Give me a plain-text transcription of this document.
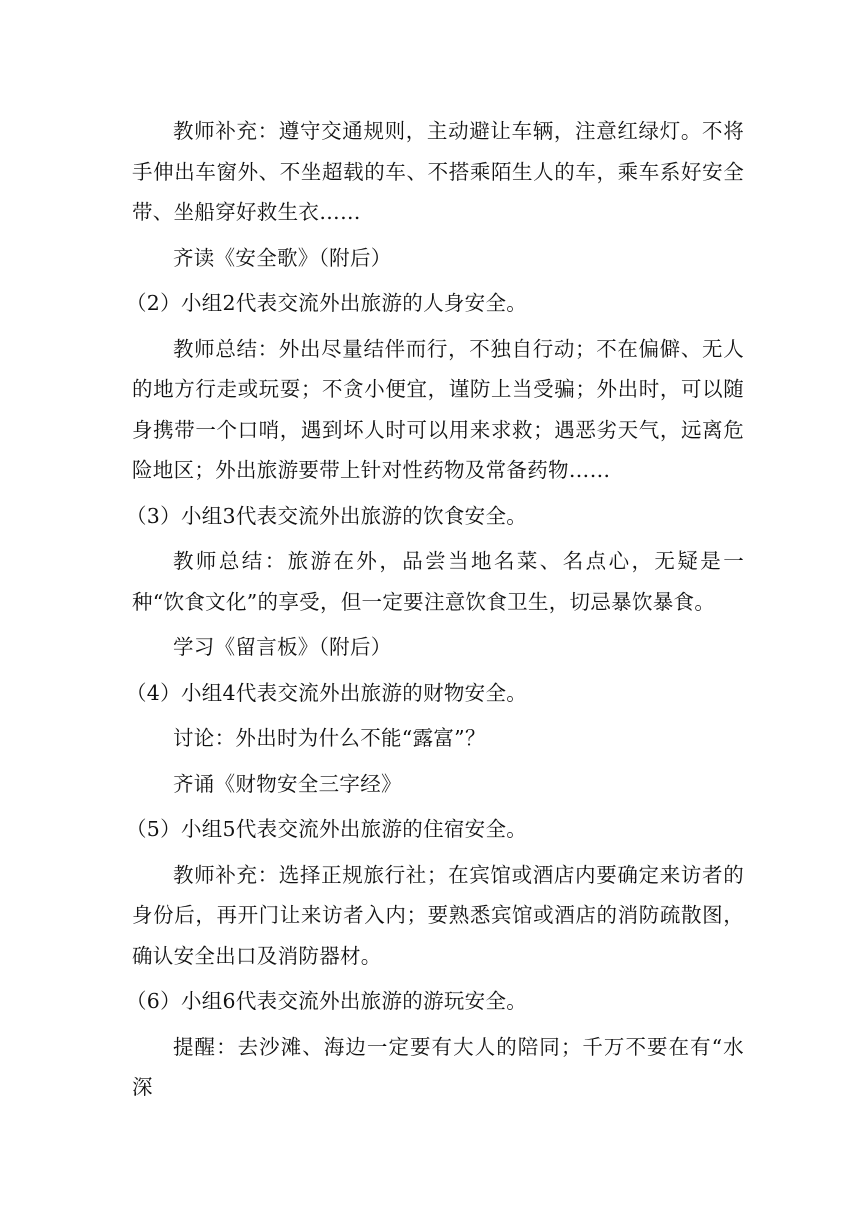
教师补充：遵守交通规则，主动避让车辆，注意红绿灯。不将手伸出车窗外、不坐超载的车、不搭乘陌生人的车，乘车系好安全带、坐船穿好救生衣……

齐读《安全歌》（附后）

（2）小组2代表交流外出旅游的人身安全。

教师总结：外出尽量结伴而行，不独自行动；不在偏僻、无人的地方行走或玩耍；不贪小便宜，谨防上当受骗；外出时，可以随身携带一个口哨，遇到坏人时可以用来求救；遇恶劣天气，远离危险地区；外出旅游要带上针对性药物及常备药物……

（3）小组3代表交流外出旅游的饮食安全。

教师总结：旅游在外，品尝当地名菜、名点心，无疑是一种“饮食文化”的享受，但一定要注意饮食卫生，切忌暴饮暴食。

学习《留言板》（附后）

（4）小组4代表交流外出旅游的财物安全。

讨论：外出时为什么不能“露富”？

齐诵《财物安全三字经》

（5）小组5代表交流外出旅游的住宿安全。

教师补充：选择正规旅行社；在宾馆或酒店内要确定来访者的身份后，再开门让来访者入内；要熟悉宾馆或酒店的消防疏散图，确认安全出口及消防器材。

（6）小组6代表交流外出旅游的游玩安全。

提醒：去沙滩、海边一定要有大人的陪同；千万不要在有“水深
